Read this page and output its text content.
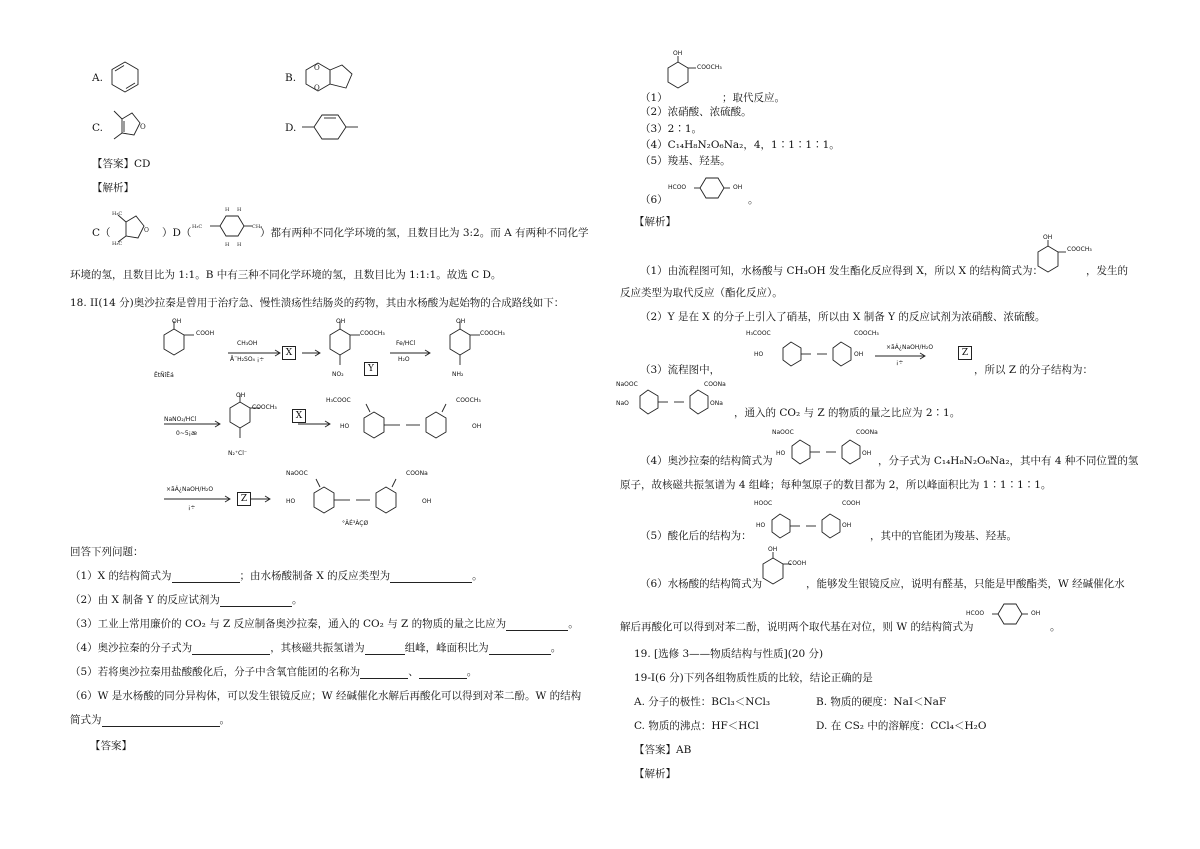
A.	B.
O
O
C.	O	D.
【答案】CD
【解析】
C（
H₃C
H₃C
O ）D（ H₃C	CH₃
H H
H H
）都有两种不同化学环境的氢，且数目比为 3:2。而 A 有两种不同化学
环境的氢，且数目比为 1:1。B 中有三种不同化学环境的氢，且数目比为 1:1:1。故选 C D。
18. II(14 分)奥沙拉秦是曾用于治疗急、慢性溃疡性结肠炎的药物，其由水杨酸为起始物的合成路线如下：
OH
COOH
ËtÑîËá
CH₃OH
Å¨H₂SO₄ ¡÷
X
OH
COOCH₃
NO₂
Y
Fe/HCl
H₂O
OH
COOCH₃
NH₂
NaNO₂/HCl
0~5¡æ
OH
COOCH₃
N₂⁺Cl⁻
X
H₃COOC
HO
COOCH₃
OH
×ãÁ¿NaOH/H₂O
¡÷
Z
NaOOC
HO
COONa
OH
°ÂÉ³ÀÇØ
回答下列问题：
（1）X 的结构简式为	；由水杨酸制备 X 的反应类型为	。
（2）由 X 制备 Y 的反应试剂为	。
（3）工业上常用廉价的 CO₂ 与 Z 反应制备奥沙拉秦，通入的 CO₂ 与 Z 的物质的量之比应为	。
（4）奥沙拉秦的分子式为	，其核磁共振氢谱为	组峰，峰面积比为	。
（5）若将奥沙拉秦用盐酸酸化后，分子中含氧官能团的名称为	、	。
（6）W 是水杨酸的同分异构体，可以发生银镜反应；W 经碱催化水解后再酸化可以得到对苯二酚。W 的结构
简式为	。
【答案】
OH
COOCH₃
（1）	；取代反应。
（2）浓硝酸、浓硫酸。
（3）2∶1。
（4）C₁₄H₈N₂O₆Na₂，4，1∶1∶1∶1。
（5）羧基、羟基。
（6）
HCOO	OH
。
【解析】
（1）由流程图可知，水杨酸与 CH₃OH 发生酯化反应得到 X，所以 X 的结构简式为：
OH
COOCH₃
，发生的
反应类型为取代反应（酯化反应）。
（2）Y 是在 X 的分子上引入了硝基，所以由 X 制备 Y 的反应试剂为浓硝酸、浓硫酸。
（3）流程图中，
H₃COOC
HO
COOCH₃
OH
×ãÁ¿NaOH/H₂O
¡÷
Z
，所以 Z 的分子结构为：
NaOOC
NaO
COONa
ONa
，通入的 CO₂ 与 Z 的物质的量之比应为 2∶1。
（4）奥沙拉秦的结构简式为
NaOOC
HO
COONa
OH
，分子式为 C₁₄H₈N₂O₆Na₂，其中有 4 种不同位置的氢
原子，故核磁共振氢谱为 4 组峰；每种氢原子的数目都为 2，所以峰面积比为 1∶1∶1∶1。
（5）酸化后的结构为：
HOOC
HO
COOH
OH
，其中的官能团为羧基、羟基。
（6）水杨酸的结构简式为
OH
COOH
，能够发生银镜反应，说明有醛基，只能是甲酸酯类，W 经碱催化水
解后再酸化可以得到对苯二酚，说明两个取代基在对位，则 W 的结构简式为
HCOO	OH
。
19. [选修 3——物质结构与性质](20 分)
19-I(6 分)下列各组物质性质的比较，结论正确的是
A. 分子的极性：BCl₃＜NCl₃	B. 物质的硬度：NaI＜NaF
C. 物质的沸点：HF＜HCl	D. 在 CS₂ 中的溶解度：CCl₄＜H₂O
【答案】AB
【解析】
